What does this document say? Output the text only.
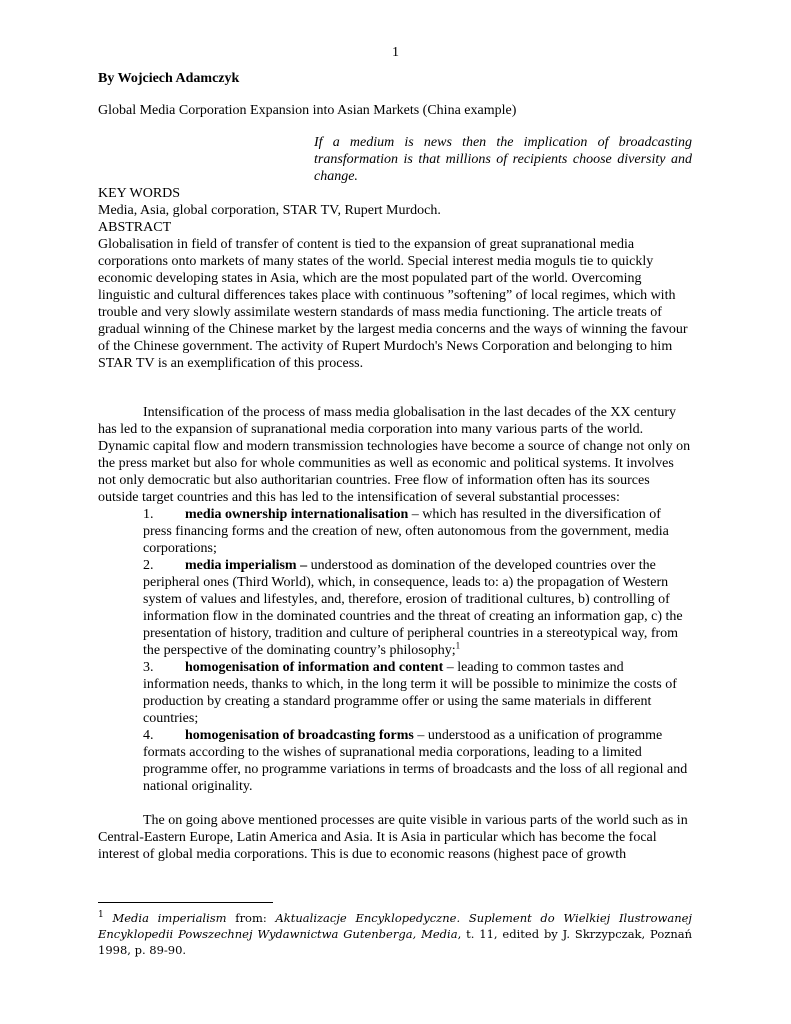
1
By Wojciech Adamczyk
Global Media Corporation Expansion into Asian Markets (China example)
If a medium is news then the implication of broadcasting transformation is that millions of recipients choose diversity and change.

KEY WORDS

Media, Asia, global corporation, STAR TV, Rupert Murdoch.

ABSTRACT

Globalisation in field of transfer of content is tied to the expansion of great supranational media corporations onto markets of many states of the world. Special interest media moguls tie to quickly economic developing states in Asia, which are the most populated part of the world. Overcoming linguistic and cultural differences takes place with continuous ”softening” of local regimes, which with trouble and very slowly assimilate western standards of mass media functioning. The article treats of gradual winning of the Chinese market by the largest media concerns and the ways of winning the favour of the Chinese government. The activity of Rupert Murdoch's News Corporation and belonging to him STAR TV is an exemplification of this process.

Intensification of the process of mass media globalisation in the last decades of the XX century has led to the expansion of supranational media corporation into many various parts of the world. Dynamic capital flow and modern transmission technologies have become a source of change not only on the press market but also for whole communities as well as economic and political systems. It involves not only democratic but also authoritarian countries. Free flow of information often has its sources outside target countries and this has led to the intensification of several substantial processes:

1. media ownership internationalisation – which has resulted in the diversification of press financing forms and the creation of new, often autonomous from the government, media corporations;
2. media imperialism – understood as domination of the developed countries over the peripheral ones (Third World), which, in consequence, leads to: a) the propagation of Western system of values and lifestyles, and, therefore, erosion of traditional cultures, b) controlling of information flow in the dominated countries and the threat of creating an information gap, c) the presentation of history, tradition and culture of peripheral countries in a stereotypical way, from the perspective of the dominating country’s philosophy;$^1$
3. homogenisation of information and content – leading to common tastes and information needs, thanks to which, in the long term it will be possible to minimize the costs of production by creating a standard programme offer or using the same materials in different countries;
4. homogenisation of broadcasting forms – understood as a unification of programme formats according to the wishes of supranational media corporations, leading to a limited programme offer, no programme variations in terms of broadcasts and the loss of all regional and national originality.

The on going above mentioned processes are quite visible in various parts of the world such as in Central-Eastern Europe, Latin America and Asia. It is Asia in particular which has become the focal interest of global media corporations. This is due to economic reasons (highest pace of growth

$^1$ Media imperialism from: Aktualizacje Encyklopedyczne. Suplement do Wielkiej Ilustrowanej Encyklopedii Powszechnej Wydawnictwa Gutenberga, Media, t. 11, edited by J. Skrzypczak, Poznań 1998, p. 89-90.
